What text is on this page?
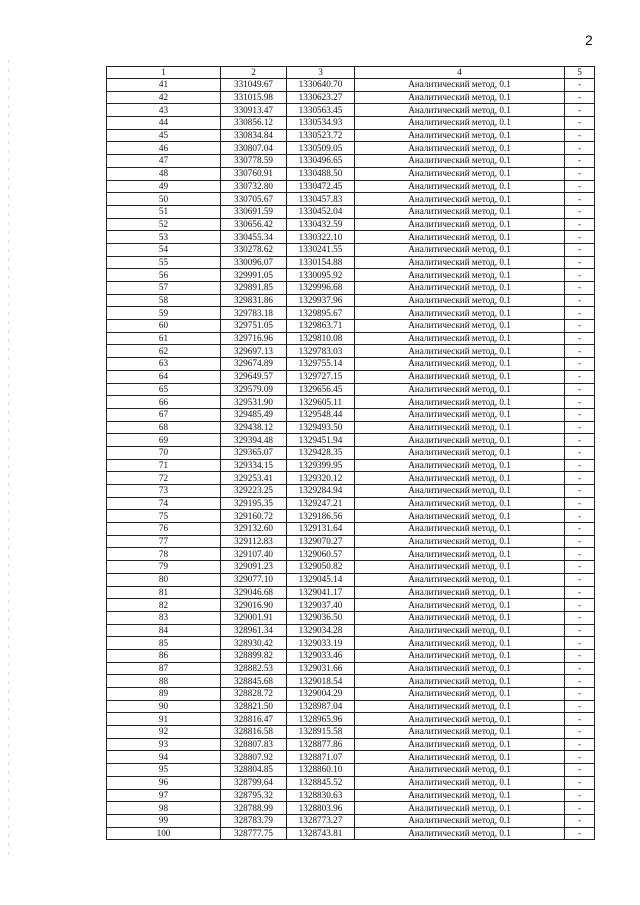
2
1	2	3	4	5
41	331049.67	1330640.70	Аналитический метод, 0.1	-
42	331015.98	1330623.27	Аналитический метод, 0.1	-
43	330913.47	1330563.45	Аналитический метод, 0.1	-
44	330856.12	1330534.93	Аналитический метод, 0.1	-
45	330834.84	1330523.72	Аналитический метод, 0.1	-
46	330807.04	1330509.05	Аналитический метод, 0.1	-
47	330778.59	1330496.65	Аналитический метод, 0.1	-
48	330760.91	1330488.50	Аналитический метод, 0.1	-
49	330732.80	1330472.45	Аналитический метод, 0.1	-
50	330705.67	1330457.83	Аналитический метод, 0.1	-
51	330691.59	1330452.04	Аналитический метод, 0.1	-
52	330656.42	1330432.59	Аналитический метод, 0.1	-
53	330455.34	1330322.10	Аналитический метод, 0.1	-
54	330278.62	1330241.55	Аналитический метод, 0.1	-
55	330096.07	1330154.88	Аналитический метод, 0.1	-
56	329991.05	1330095.92	Аналитический метод, 0.1	-
57	329891.85	1329996.68	Аналитический метод, 0.1	-
58	329831.86	1329937.96	Аналитический метод, 0.1	-
59	329783.18	1329895.67	Аналитический метод, 0.1	-
60	329751.05	1329863.71	Аналитический метод, 0.1	-
61	329716.96	1329810.08	Аналитический метод, 0.1	-
62	329697.13	1329783.03	Аналитический метод, 0.1	-
63	329674.89	1329755.14	Аналитический метод, 0.1	-
64	329649.57	1329727.15	Аналитический метод, 0.1	-
65	329579.09	1329656.45	Аналитический метод, 0.1	-
66	329531.90	1329605.11	Аналитический метод, 0.1	-
67	329485.49	1329548.44	Аналитический метод, 0.1	-
68	329438.12	1329493.50	Аналитический метод, 0.1	-
69	329394.48	1329451.94	Аналитический метод, 0.1	-
70	329365.07	1329428.35	Аналитический метод, 0.1	-
71	329334.15	1329399.95	Аналитический метод, 0.1	-
72	329253.41	1329320.12	Аналитический метод, 0.1	-
73	329223.25	1329284.94	Аналитический метод, 0.1	-
74	329195.35	1329247.21	Аналитический метод, 0.1	-
75	329160.72	1329186.56	Аналитический метод, 0.1	-
76	329132.60	1329131.64	Аналитический метод, 0.1	-
77	329112.83	1329070.27	Аналитический метод, 0.1	-
78	329107.40	1329060.57	Аналитический метод, 0.1	-
79	329091.23	1329050.82	Аналитический метод, 0.1	-
80	329077.10	1329045.14	Аналитический метод, 0.1	-
81	329046.68	1329041.17	Аналитический метод, 0.1	-
82	329016.90	1329037.40	Аналитический метод, 0.1	-
83	329001.91	1329036.50	Аналитический метод, 0.1	-
84	328961.34	1329034.28	Аналитический метод, 0.1	-
85	328930.42	1329033.19	Аналитический метод, 0.1	-
86	328899.82	1329033.46	Аналитический метод, 0.1	-
87	328882.53	1329031.66	Аналитический метод, 0.1	-
88	328845.68	1329018.54	Аналитический метод, 0.1	-
89	328828.72	1329004.29	Аналитический метод, 0.1	-
90	328821.50	1328987.04	Аналитический метод, 0.1	-
91	328816.47	1328965.96	Аналитический метод, 0.1	-
92	328816.58	1328915.58	Аналитический метод, 0.1	-
93	328807.83	1328877.86	Аналитический метод, 0.1	-
94	328807.92	1328871.07	Аналитический метод, 0.1	-
95	328804.85	1328860.10	Аналитический метод, 0.1	-
96	328799.64	1328845.52	Аналитический метод, 0.1	-
97	328795.32	1328830.63	Аналитический метод, 0.1	-
98	328788.99	1328803.96	Аналитический метод, 0.1	-
99	328783.79	1328773.27	Аналитический метод, 0.1	-
100	328777.75	1328743.81	Аналитический метод, 0.1	-
